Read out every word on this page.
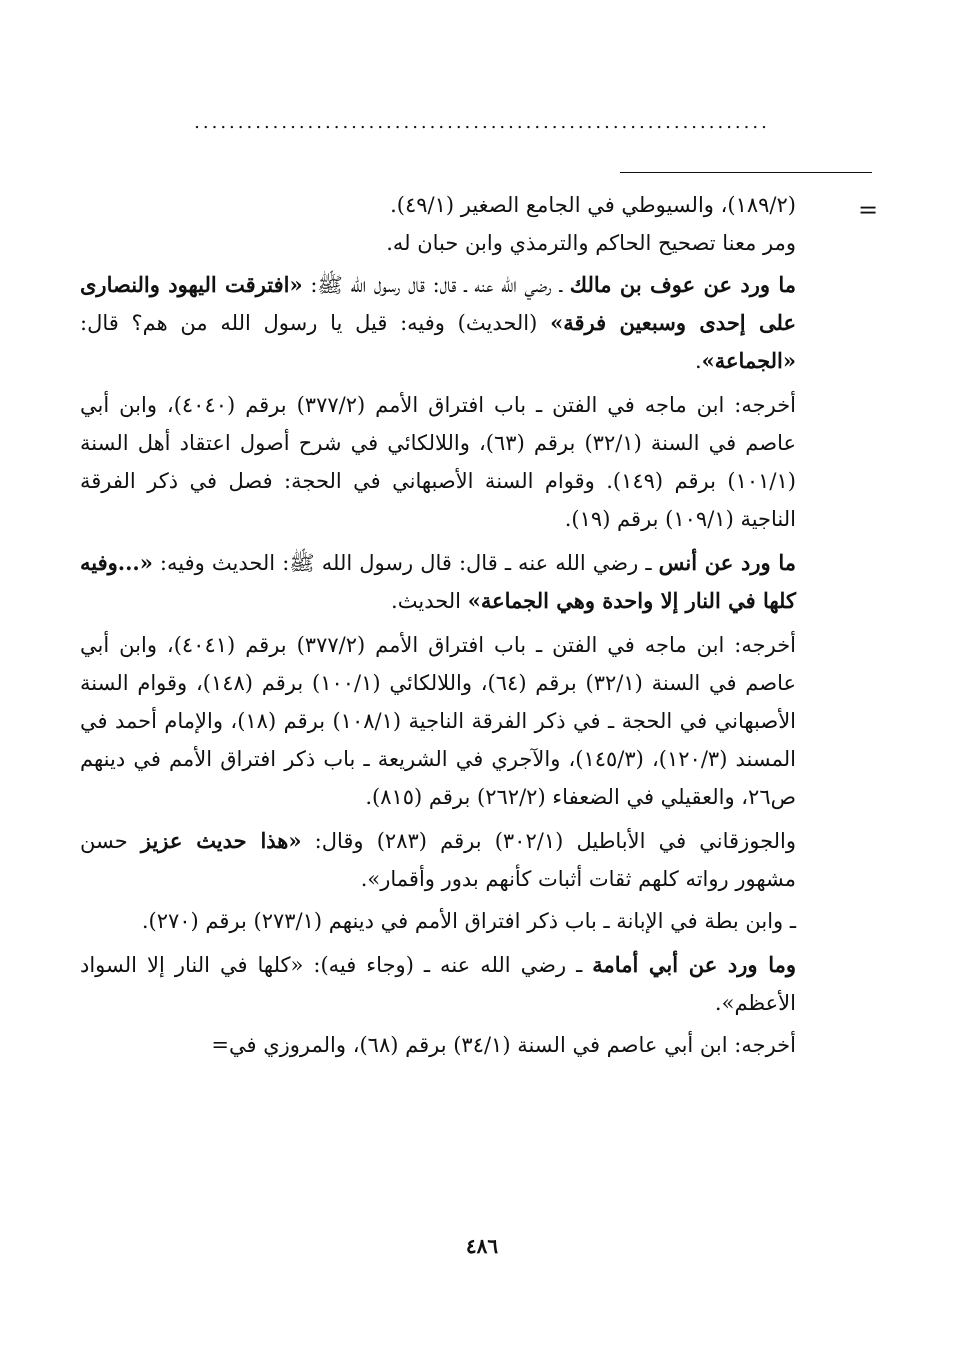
..................................................................
=

(١٨٩/٢)، والسيوطي في الجامع الصغير (٤٩/١).
ومر معنا تصحيح الحاكم والترمذي وابن حبان له.

ما ورد عن عوف بن مالك ـ رضي الله عنه ـ قال: قال رسول الله ﷺ: «افترقت اليهود والنصارى على إحدى وسبعين فرقة» (الحديث) وفيه: قيل يا رسول الله من هم؟ قال: «الجماعة».

أخرجه: ابن ماجه في الفتن ـ باب افتراق الأمم (٣٧٧/٢) برقم (٤٠٤٠)، وابن أبي عاصم في السنة (٣٢/١) برقم (٦٣)، واللالكائي في شرح أصول اعتقاد أهل السنة (١٠١/١) برقم (١٤٩). وقوام السنة الأصبهاني في الحجة: فصل في ذكر الفرقة الناجية (١٠٩/١) برقم (١٩).

ما ورد عن أنس ـ رضي الله عنه ـ قال: قال رسول الله ﷺ: الحديث وفيه: «...وفيه كلها في النار إلا واحدة وهي الجماعة» الحديث.

أخرجه: ابن ماجه في الفتن ـ باب افتراق الأمم (٣٧٧/٢) برقم (٤٠٤١)، وابن أبي عاصم في السنة (٣٢/١) برقم (٦٤)، واللالكائي (١٠٠/١) برقم (١٤٨)، وقوام السنة الأصبهاني في الحجة ـ في ذكر الفرقة الناجية (١٠٨/١) برقم (١٨)، والإمام أحمد في المسند (١٢٠/٣)، (١٤٥/٣)، والآجري في الشريعة ـ باب ذكر افتراق الأمم في دينهم ص٢٦، والعقيلي في الضعفاء (٢٦٢/٢) برقم (٨١٥).

والجوزقاني في الأباطيل (٣٠٢/١) برقم (٢٨٣) وقال: «هذا حديث عزيز حسن مشهور رواته كلهم ثقات أثبات كأنهم بدور وأقمار».

ـ وابن بطة في الإبانة ـ باب ذكر افتراق الأمم في دينهم (٢٧٣/١) برقم (٢٧٠).

وما ورد عن أبي أمامة ـ رضي الله عنه ـ (وجاء فيه): «كلها في النار إلا السواد الأعظم».

أخرجه: ابن أبي عاصم في السنة (٣٤/١) برقم (٦٨)، والمروزي في=

٤٨٦
